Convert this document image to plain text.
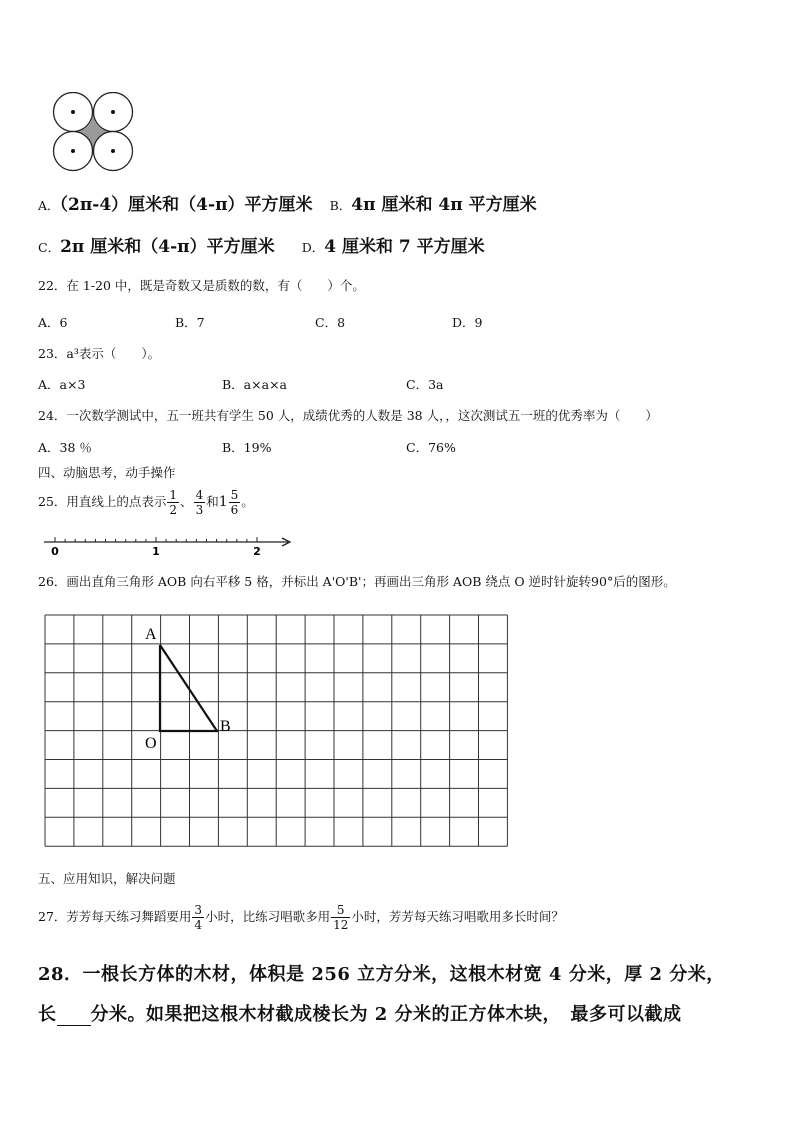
A．（2π-4）厘米和（4-π）平方厘米 B．4π 厘米和 4π 平方厘米
C．2π 厘米和（4-π）平方厘米 D．4 厘米和 7 平方厘米
22．在 1-20 中，既是奇数又是质数的数，有（　　）个。
A．6	B．7	C．8	D．9
23．a³表示（　　）。
A．a×3	B．a×a×a	C．3a
24．一次数学测试中，五一班共有学生 50 人，成绩优秀的人数是 38 人，，这次测试五一班的优秀率为（　　）
A．38 ％	B．19%	C．76%
四、动脑思考，动手操作
25．用直线上的点表示 $\frac{1}{2}$ 、 $\frac{4}{3}$ 和$1 \frac{5}{6}$ 。
0	1	2
26．画出直角三角形 AOB 向右平移 5 格，并标出 A'O'B'；再画出三角形 AOB 绕点 O 逆时针旋转90°后的图形。
A
O
B
五、应用知识，解决问题
27．芳芳每天练习舞蹈要用 $\frac{3}{4}$ 小时，比练习唱歌多用 $\frac{5}{12}$ 小时，芳芳每天练习唱歌用多长时间？
28．一根长方体的木材，体积是 256 立方分米，这根木材宽 4 分米，厚 2 分米，
长 分米。如果把这根木材截成棱长为 2 分米的正方体木块，　最多可以截成
